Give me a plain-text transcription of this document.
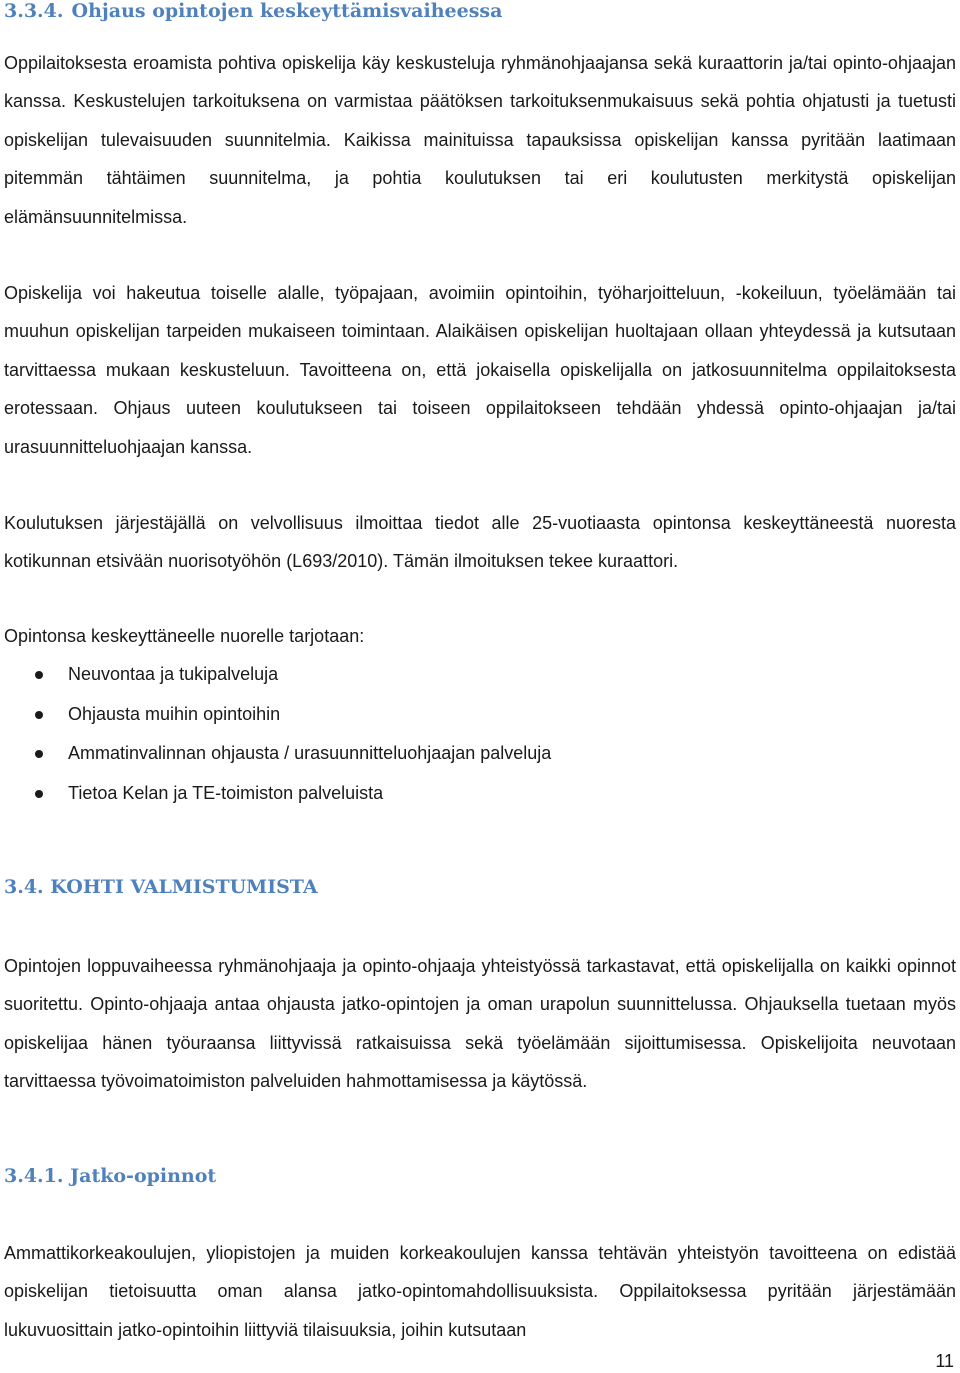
3.3.4. Ohjaus opintojen keskeyttämisvaiheessa

Oppilaitoksesta eroamista pohtiva opiskelija käy keskusteluja ryhmänohjaajansa sekä kuraattorin ja/tai opinto-ohjaajan kanssa. Keskustelujen tarkoituksena on varmistaa päätöksen tarkoituksenmukaisuus sekä pohtia ohjatusti ja tuetusti opiskelijan tulevaisuuden suunnitelmia. Kaikissa mainituissa tapauksissa opiskelijan kanssa pyritään laatimaan pitemmän tähtäimen suunnitelma, ja pohtia koulutuksen tai eri koulutusten merkitystä opiskelijan elämänsuunnitelmissa.

Opiskelija voi hakeutua toiselle alalle, työpajaan, avoimiin opintoihin, työharjoitteluun, -kokeiluun, työelämään tai muuhun opiskelijan tarpeiden mukaiseen toimintaan. Alaikäisen opiskelijan huoltajaan ollaan yhteydessä ja kutsutaan tarvittaessa mukaan keskusteluun. Tavoitteena on, että jokaisella opiskelijalla on jatkosuunnitelma oppilaitoksesta erotessaan. Ohjaus uuteen koulutukseen tai toiseen oppilaitokseen tehdään yhdessä opinto-ohjaajan ja/tai urasuunnitteluohjaajan kanssa.

Koulutuksen järjestäjällä on velvollisuus ilmoittaa tiedot alle 25-vuotiaasta opintonsa keskeyttäneestä nuoresta kotikunnan etsivään nuorisotyöhön (L693/2010). Tämän ilmoituksen tekee kuraattori.

Opintonsa keskeyttäneelle nuorelle tarjotaan:

Neuvontaa ja tukipalveluja
Ohjausta muihin opintoihin
Ammatinvalinnan ohjausta / urasuunnitteluohjaajan palveluja
Tietoa Kelan ja TE-toimiston palveluista
3.4. KOHTI VALMISTUMISTA

Opintojen loppuvaiheessa ryhmänohjaaja ja opinto-ohjaaja yhteistyössä tarkastavat, että opiskelijalla on kaikki opinnot suoritettu. Opinto-ohjaaja antaa ohjausta jatko-opintojen ja oman urapolun suunnittelussa. Ohjauksella tuetaan myös opiskelijaa hänen työuraansa liittyvissä ratkaisuissa sekä työelämään sijoittumisessa. Opiskelijoita neuvotaan tarvittaessa työvoimatoimiston palveluiden hahmottamisessa ja käytössä.

3.4.1. Jatko-opinnot

Ammattikorkeakoulujen, yliopistojen ja muiden korkeakoulujen kanssa tehtävän yhteistyön tavoitteena on edistää opiskelijan tietoisuutta oman alansa jatko-opintomahdollisuuksista. Oppilaitoksessa pyritään järjestämään lukuvuosittain jatko-opintoihin liittyviä tilaisuuksia, joihin kutsutaan

11
